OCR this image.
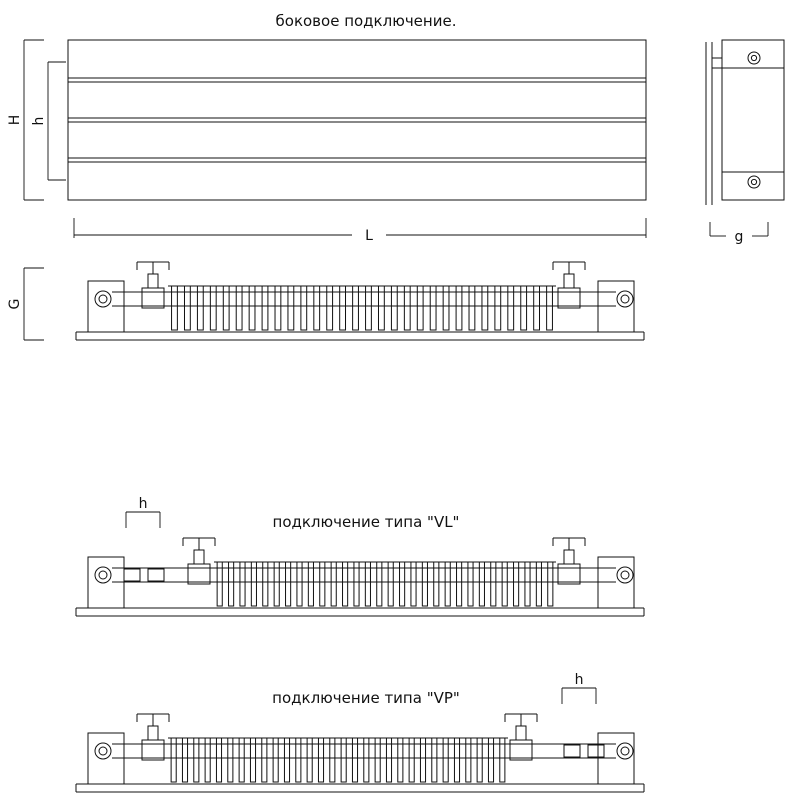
боковое подключение.
H h
L	g
G
подключение типа "VL"
h
подключение типа "VP"
h
